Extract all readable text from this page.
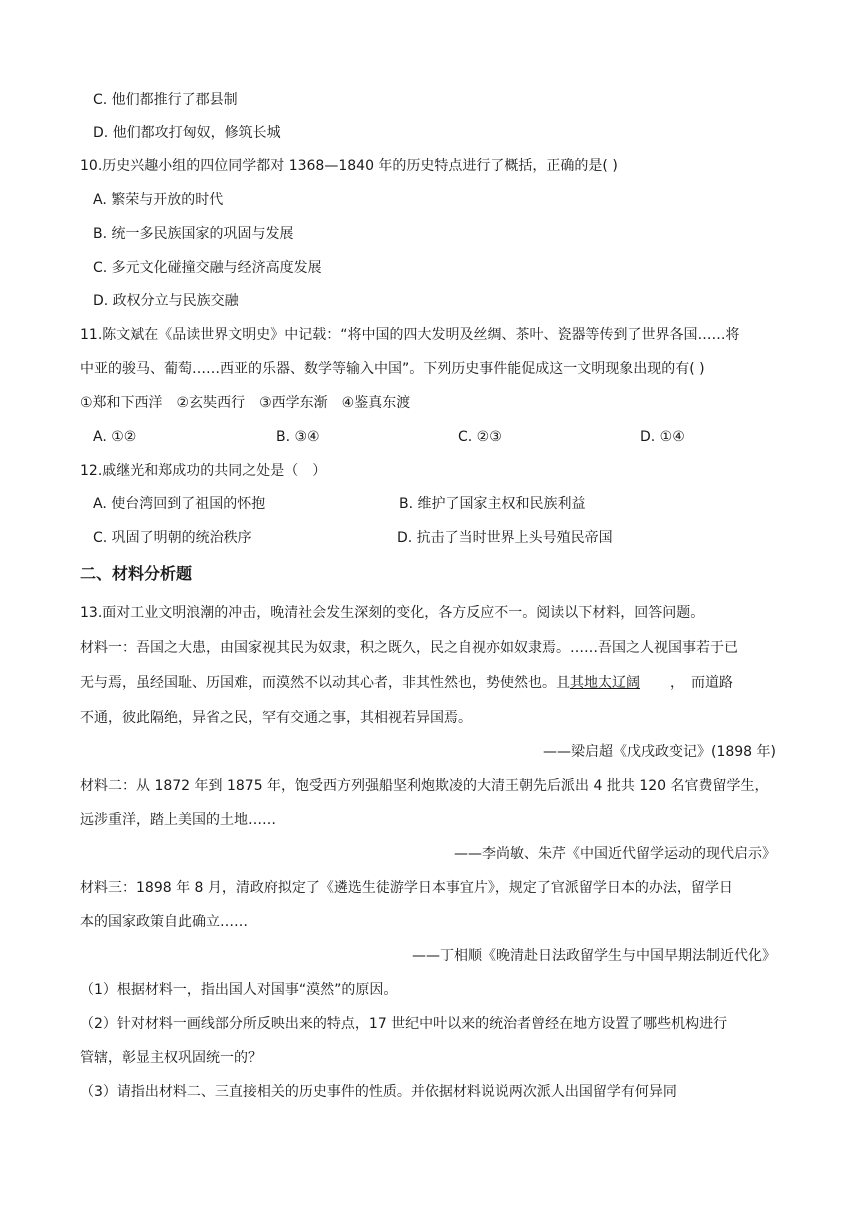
C. 他们都推行了郡县制
D. 他们都攻打匈奴，修筑长城
10.历史兴趣小组的四位同学都对 1368—1840 年的历史特点进行了概括，正确的是( )
A. 繁荣与开放的时代
B. 统一多民族国家的巩固与发展
C. 多元文化碰撞交融与经济高度发展
D. 政权分立与民族交融
11.陈文斌在《品读世界文明史》中记载：“将中国的四大发明及丝绸、茶叶、瓷器等传到了世界各国……将
中亚的骏马、葡萄……西亚的乐器、数学等输入中国”。下列历史事件能促成这一文明现象出现的有( )
①郑和下西洋　②玄奘西行　③西学东渐　④鉴真东渡
A. ①②	B. ③④	C. ②③	D. ①④
12.戚继光和郑成功的共同之处是（　）
A. 使台湾回到了祖国的怀抱	B. 维护了国家主权和民族利益
C. 巩固了明朝的统治秩序	D. 抗击了当时世界上头号殖民帝国
二、材料分析题
13.面对工业文明浪潮的冲击，晚清社会发生深刻的变化，各方反应不一。阅读以下材料，回答问题。
材料一：吾国之大患，由国家视其民为奴隶，积之既久，民之自视亦如奴隶焉。……吾国之人视国事若于已
无与焉，虽经国耻、历国难，而漠然不以动其心者，非其性然也，势使然也。且其地太辽阔 ，　而道路
不通，彼此隔绝，异省之民，罕有交通之事，其相视若异国焉。
——梁启超《戊戌政变记》(1898 年)
材料二：从 1872 年到 1875 年，饱受西方列强船坚利炮欺凌的大清王朝先后派出 4 批共 120 名官费留学生，
远涉重洋，踏上美国的土地……
——李尚敏、朱芹《中国近代留学运动的现代启示》
材料三：1898 年 8 月，清政府拟定了《遴选生徒游学日本事宜片》，规定了官派留学日本的办法，留学日
本的国家政策自此确立……
——丁相顺《晚清赴日法政留学生与中国早期法制近代化》
（1）根据材料一，指出国人对国事“漠然”的原因。
（2）针对材料一画线部分所反映出来的特点，17 世纪中叶以来的统治者曾经在地方设置了哪些机构进行
管辖，彰显主权巩固统一的？
（3）请指出材料二、三直接相关的历史事件的性质。并依据材料说说两次派人出国留学有何异同
